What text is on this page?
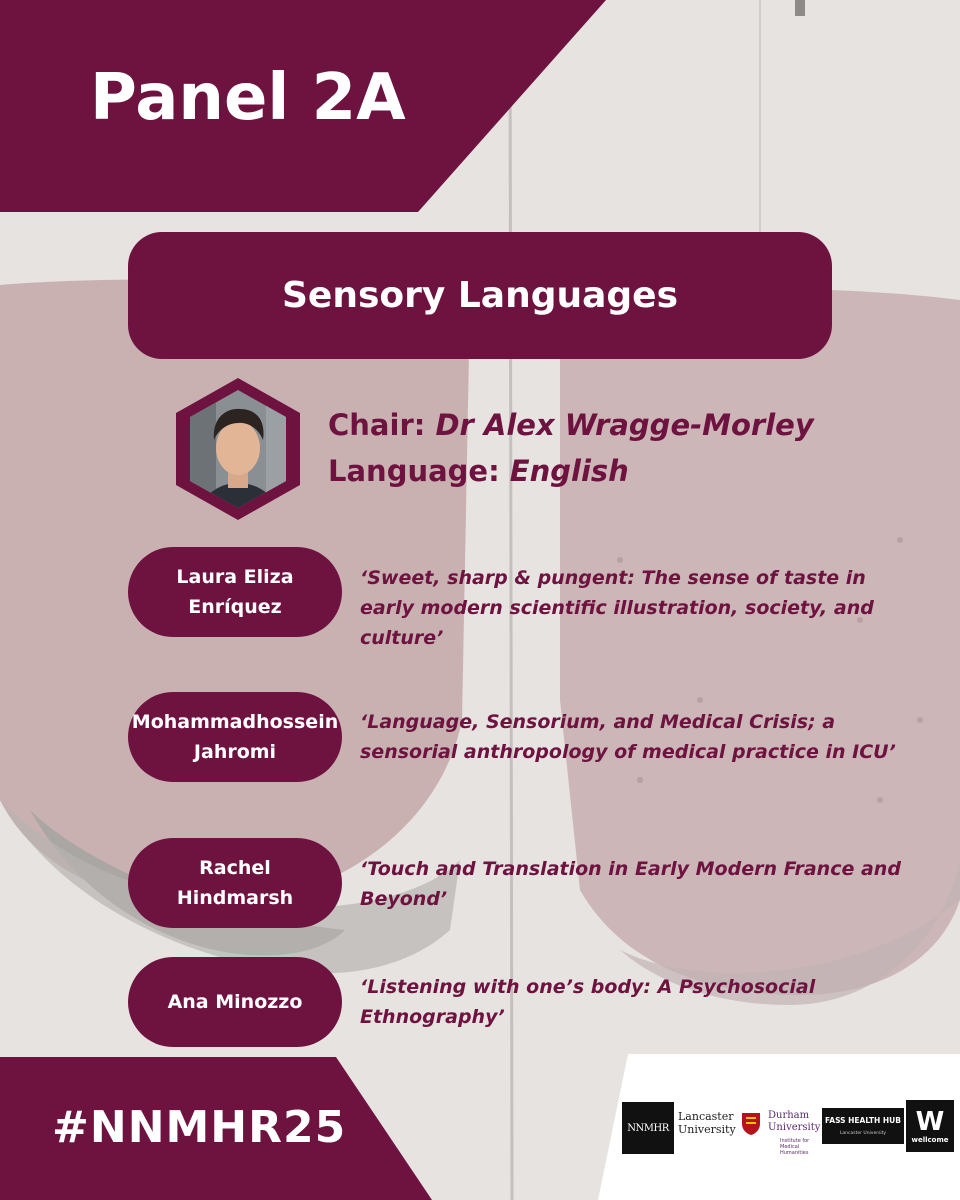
Panel 2A
Sensory Languages
Chair: Dr Alex Wragge-Morley
Language: English
Laura Eliza
Enríquez
‘Sweet, sharp & pungent: The sense of taste in early modern scientific illustration, society, and culture’
Mohammadhossein
Jahromi
‘Language, Sensorium, and Medical Crisis; a sensorial anthropology of medical practice in ICU’
Rachel
Hindmarsh
‘Touch and Translation in Early Modern France and Beyond’
Ana Minozzo
‘Listening with one’s body: A Psychosocial Ethnography’

#NNMHR25	NNMHR
Lancaster
University
Durham
University
Institute for Medical Humanities
FASS HEALTH HUB
Lancaster University W
wellcome
